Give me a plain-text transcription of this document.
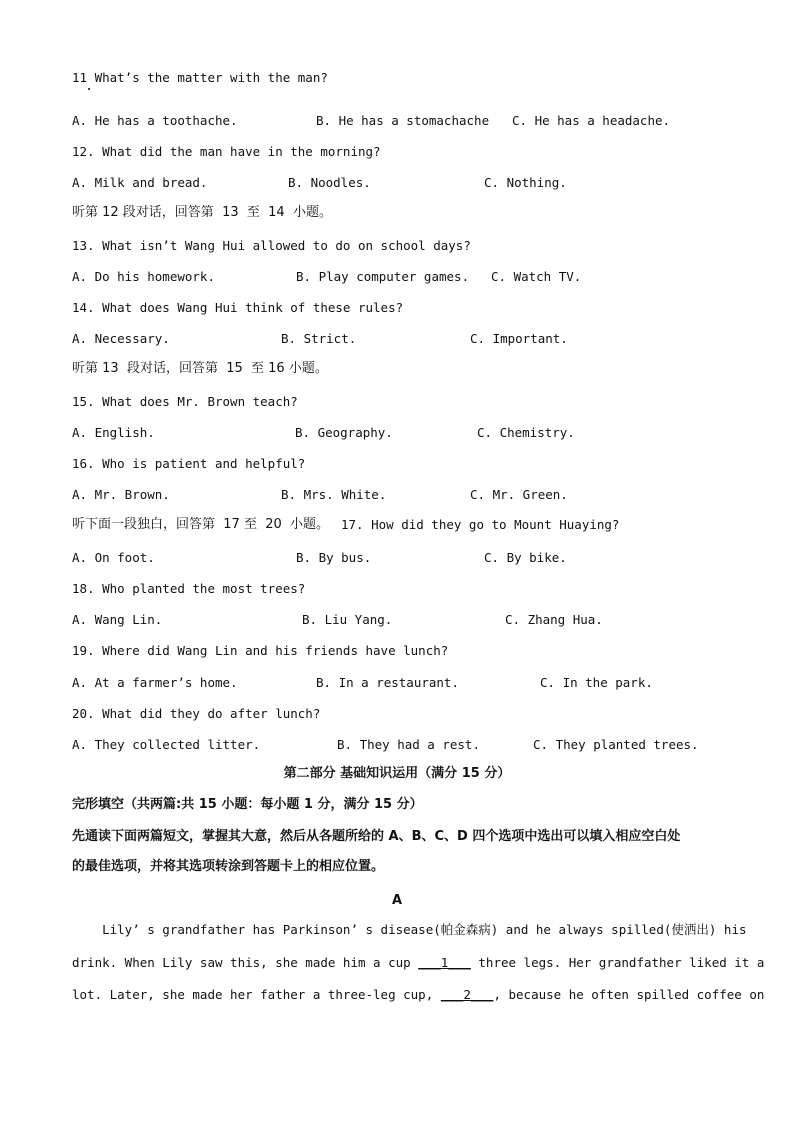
11 What’s the matter with the man?
A. He has a toothache.	B. He has a stomachache C. He has a headache.
12. What did the man have in the morning?
A. Milk and bread.	B. Noodles.	C. Nothing.
听第 12 段对话，回答第  13  至  14  小题。
13. What isn’t Wang Hui allowed to do on school days?
A. Do his homework.	B. Play computer games. C. Watch TV.
14. What does Wang Hui think of these rules?
A. Necessary.	B. Strict.	C. Important.
听第 13  段对话，回答第  15  至 16 小题。
15. What does Mr. Brown teach?
A. English.	B. Geography.	C. Chemistry.
16. Who is patient and helpful?
A. Mr. Brown.	B. Mrs. White.	C. Mr. Green.
听下面一段独白，回答第  17 至  20  小题。 17. How did they go to Mount Huaying?
A. On foot.	B. By bus.	C. By bike.
18. Who planted the most trees?
A. Wang Lin.	B. Liu Yang.	C. Zhang Hua.
19. Where did Wang Lin and his friends have lunch?
A. At a farmer’s home.	B. In a restaurant.	C. In the park.
20. What did they do after lunch?
A. They collected litter.	B. They had a rest.	C. They planted trees.
第二部分 基础知识运用（满分 15 分）
完形填空（共两篇:共 15 小题：每小题 1 分，满分 15 分）
先通读下面两篇短文，掌握其大意，然后从各题所给的 A、B、C、D 四个选项中选出可以填入相应空白处
的最佳选项，并将其选项转涂到答题卡上的相应位置。
A
Lily’ s grandfather has Parkinson’ s disease(帕金森病) and he always spilled(使洒出) his
drink. When Lily saw this, she made him a cup ___1___ three legs. Her grandfather liked it a
lot. Later, she made her father a three-leg cup, ___2___, because he often spilled coffee on
